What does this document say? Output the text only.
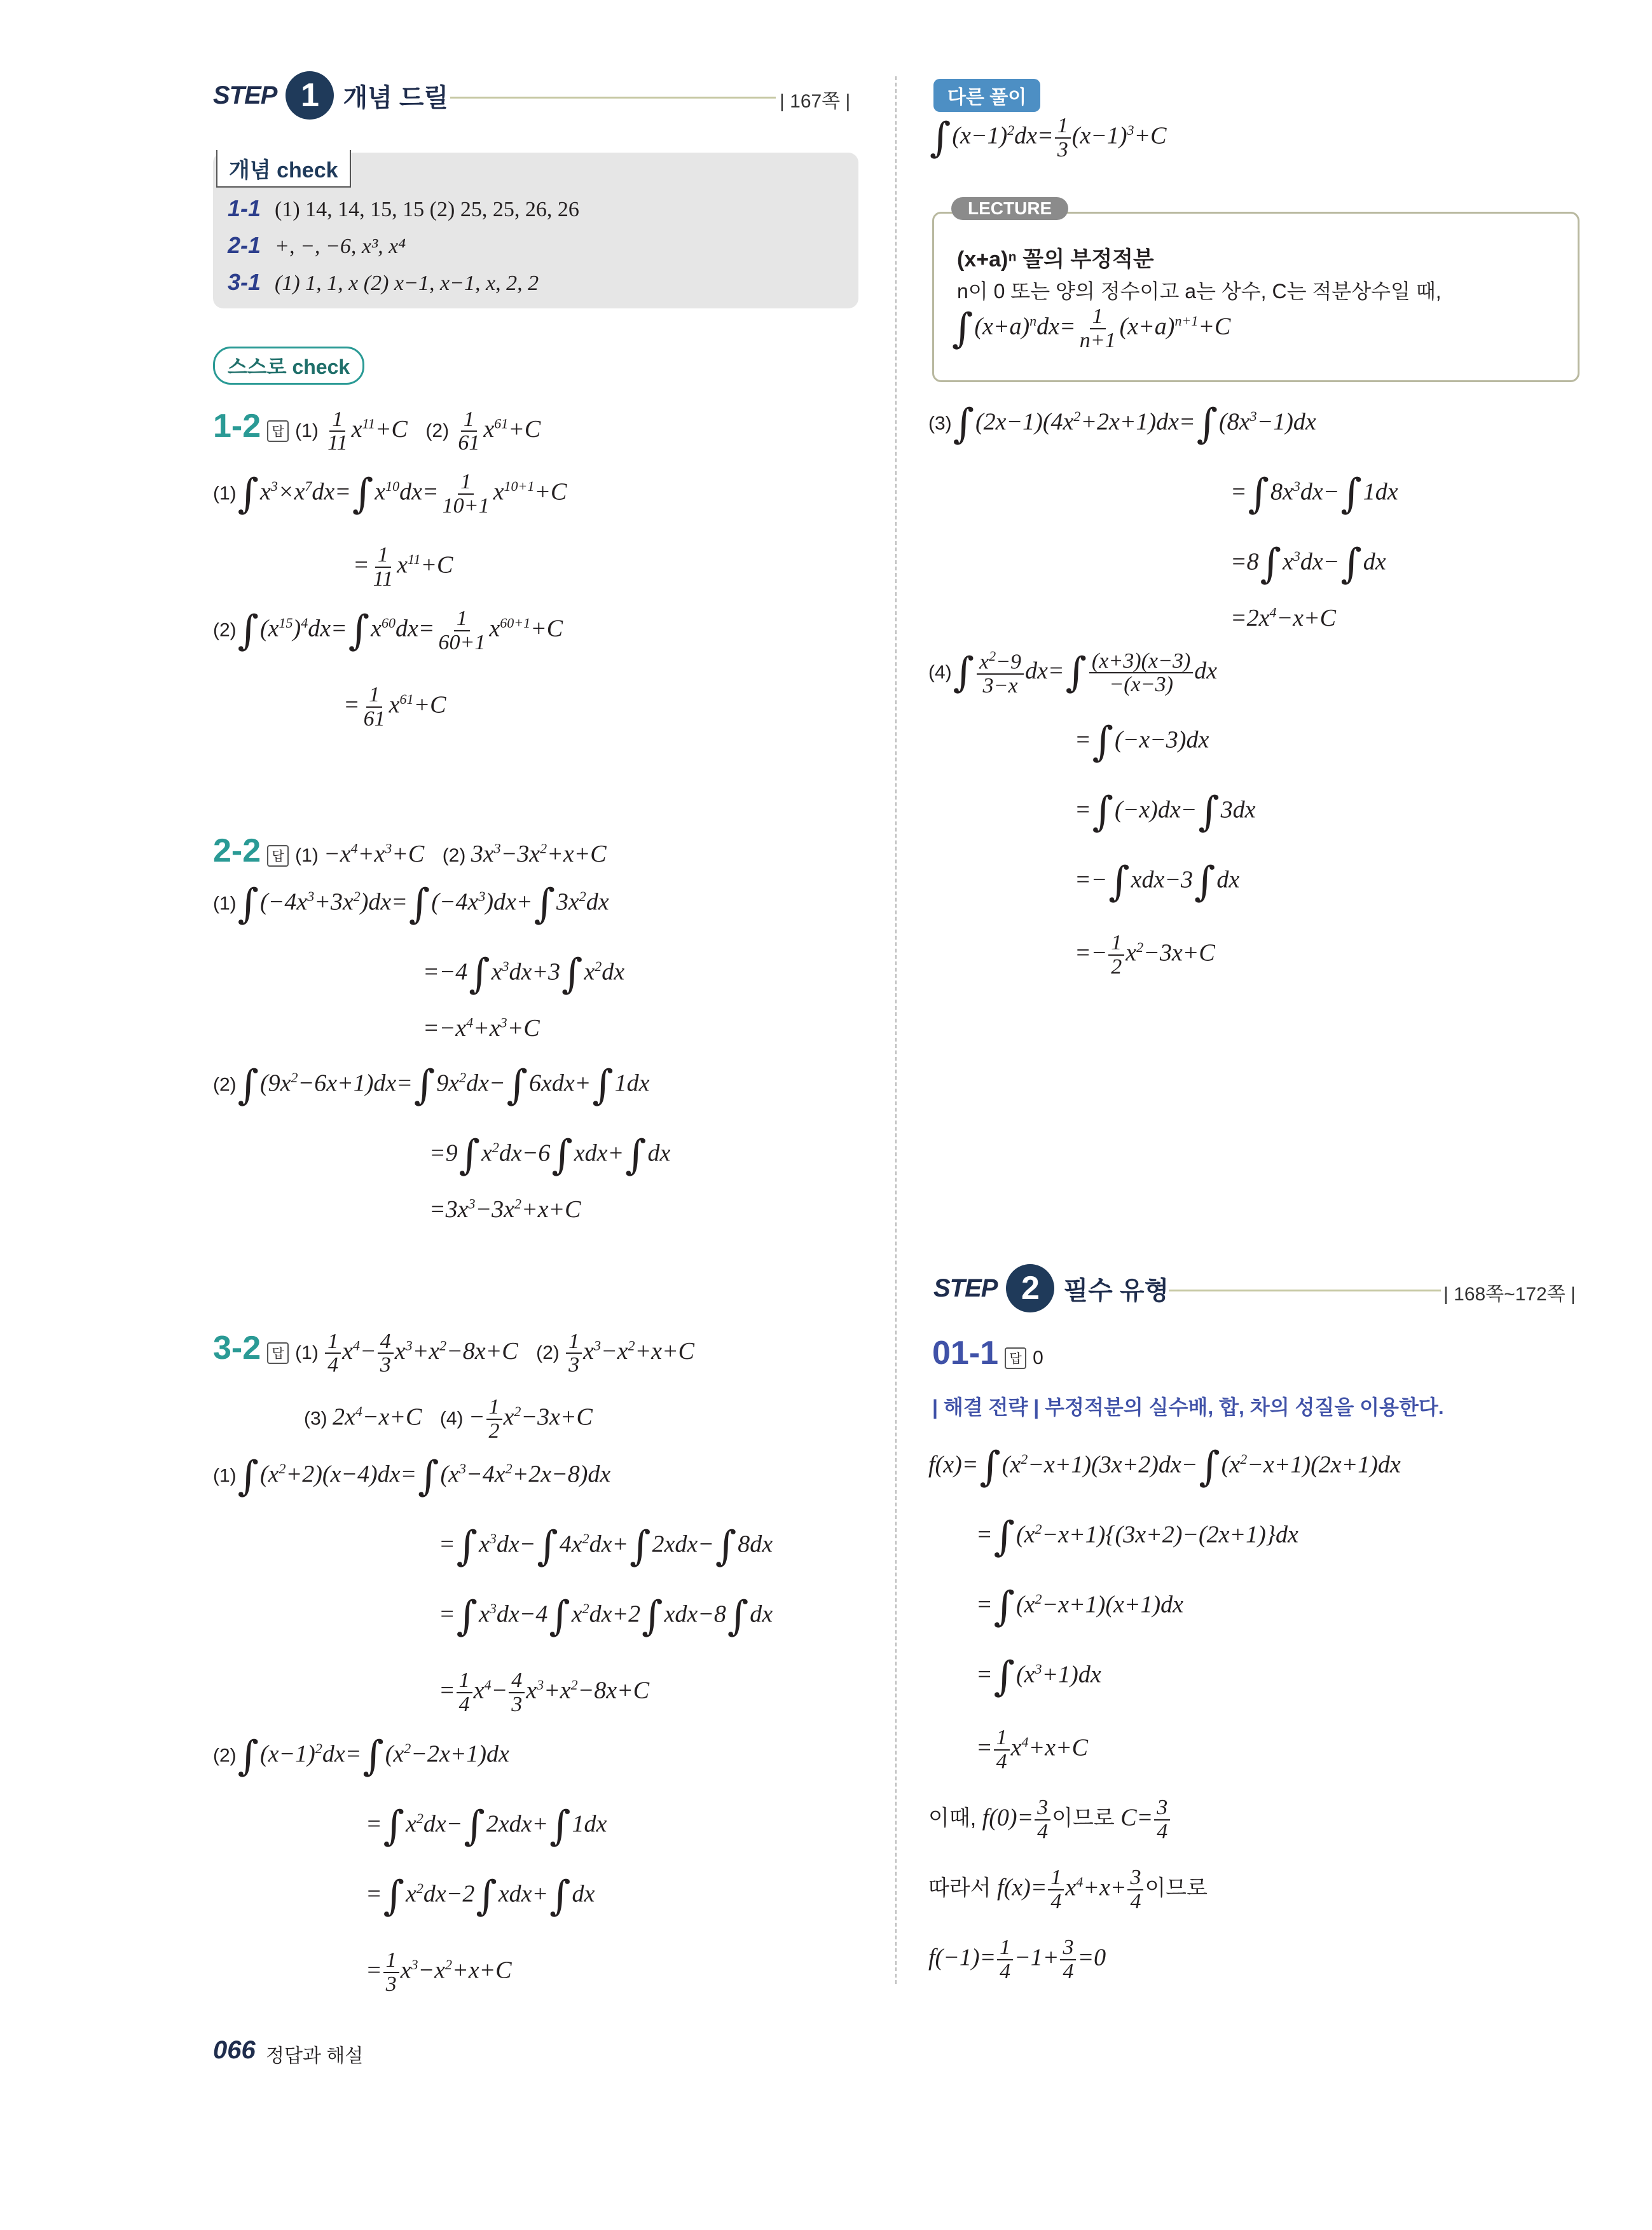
STEP 1 개념 드릴	| 167쪽 |
개념 check
1-1 (1) 14, 14, 15, 15 (2) 25, 25, 26, 26
2-1 +, −, −6, x³, x⁴
3-1 (1) 1, 1, x (2) x−1, x−1, x, 2, 2
스스로 check
1-2 답 $(1) \frac{1}{11} x^{11}+C$   $(2) \frac{1}{61} x^{61}+C$
$(1)\int x^3\times x^7dx=\int x^{10}dx= \frac{1}{10+1} x^{10+1}+C$
= $\frac{1}{11} x^{11}+C$
$(2)\int(x^{15})^4dx=\int x^{60}dx= \frac{1}{60+1} x^{60+1}+C$
= $\frac{1}{61} x^{61}+C$
2-2 답 $(1) -x^4+x^3+C$   (2) $3x^3-3x^2+x+C$
$(1)\int(-4x^3+3x^2)dx=\int(-4x^3)dx+\int 3x^2dx$
$=-4\int x^3dx+3\int x^2dx$
$=-x^4+x^3+C$
$(2)\int(9x^2-6x+1)dx=\int 9x^2dx-\int 6xdx+\int 1dx$
$=9\int x^2dx-6\int xdx+\int dx$
$=3x^3-3x^2+x+C$
3-2 답 $(1) \frac{1}{4} x^4- \frac{4}{3} x^3+x^2-8x+C$   $(2) \frac{1}{3} x^3-x^2+x+C$
(3) $2x^4-x+C$   $(4) - \frac{1}{2} x^2-3x+C$
$(1)\int(x^2+2)(x-4)dx=\int(x^3-4x^2+2x-8)dx$
$=\int x^3dx-\int 4x^2dx+\int 2xdx-\int 8dx$
$=\int x^3dx-4\int x^2dx+2\int xdx-8\int dx$
= $\frac{1}{4} x^4- \frac{4}{3} x^3+x^2-8x+C$
$(2)\int(x-1)^2dx=\int(x^2-2x+1)dx$
$=\int x^2dx-\int 2xdx+\int 1dx$
$=\int x^2dx-2\int xdx+\int dx$
= $\frac{1}{3} x^3-x^2+x+C$
다른 풀이
$\int(x-1)^2dx= \frac{1}{3} (x-1)^3+C$
LECTURE
(x+a)ⁿ 꼴의 부정적분
n이 0 또는 양의 정수이고 a는 상수, C는 적분상수일 때,
$\int(x+a)^ndx= \frac{1}{n+1} (x+a)^{n+1}+C$
$(3)\int(2x-1)(4x^2+2x+1)dx=\int(8x^3-1)dx$
$=\int 8x^3dx-\int 1dx$
$=8\int x^3dx-\int dx$
$=2x^4-x+C$
$(4)\int \frac{x^2-9}{3-x} dx=\int \frac{(x+3)(x-3)}{-(x-3)}$ dx
=∫(−x−3)dx
=∫(−x)dx−∫3dx
=−∫xdx−3∫dx
=− $\frac{1}{2} x^2-3x+C$
STEP 2 필수 유형	| 168쪽~172쪽 |
01-1 답 0
| 해결 전략 | 부정적분의 실수배, 합, 차의 성질을 이용한다.
$f(x)=\int(x^2-x+1)(3x+2)dx-\int(x^2-x+1)(2x+1)dx$
$=\int(x^2-x+1)\{(3x+2)-(2x+1)\}dx$
$=\int(x^2-x+1)(x+1)dx$
$=\int(x^3+1)dx$
= $\frac{1}{4} x^4+x+C$
이때, $f(0)= \frac{3}{4}$ 이므로 $C= \frac{3}{4}$
따라서 $f(x)= \frac{1}{4} x^4+x+ \frac{3}{4}$ 이므로
$f(-1)= \frac{1}{4} -1+ \frac{3}{4} =0$
066 정답과 해설
